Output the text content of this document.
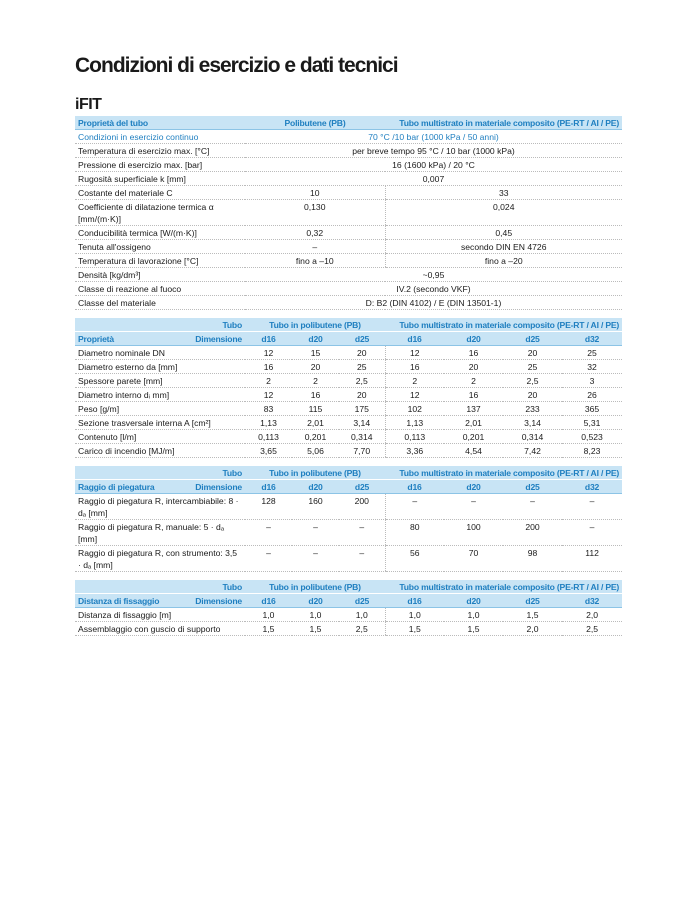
Condizioni di esercizio e dati tecnici
iFIT
Proprietà del tubo	Polibutene (PB)	Tubo multistrato in materiale composito (PE-RT / AI / PE)
Condizioni in esercizio continuo	70 °C /10 bar (1000 kPa / 50 anni)	
Temperatura di esercizio max. [°C]	per breve tempo 95 °C / 10 bar (1000 kPa)	
Pressione di esercizio max. [bar]	16 (1600 kPa) / 20 °C	
Rugosità superficiale k [mm]	0,007	
Costante del materiale C	10	33
Coefficiente di dilatazione termica α [mm/(m·K)]	0,130	0,024
Conducibilità termica [W/(m·K)]	0,32	0,45
Tenuta all'ossigeno	–	secondo DIN EN 4726
Temperatura di lavorazione [°C]	fino a –10	fino a –20
Densità [kg/dm³]	~0,95	
Classe di reazione al fuoco	IV.2 (secondo VKF)	
Classe del materiale	D: B2 (DIN 4102) / E (DIN 13501-1)	
Tubo	Tubo in polibutene (PB)			Tubo multistrato in materiale composito (PE-RT / AI / PE)			

Proprietà Dimensione	d16	d20	d25	d16	d20	d25	d32
Diametro nominale DN	12	15	20	12	16	20	25
Diametro esterno da [mm]	16	20	25	16	20	25	32
Spessore parete [mm]	2	2	2,5	2	2	2,5	3
Diametro interno dᵢ mm]	12	16	20	12	16	20	26
Peso [g/m]	83	115	175	102	137	233	365
Sezione trasversale interna A [cm²]	1,13	2,01	3,14	1,13	2,01	3,14	5,31
Contenuto [l/m]	0,113	0,201	0,314	0,113	0,201	0,314	0,523
Carico di incendio [MJ/m]	3,65	5,06	7,70	3,36	4,54	7,42	8,23
Tubo	Tubo in polibutene (PB)			Tubo multistrato in materiale composito (PE-RT / AI / PE)			

Raggio di piegatura Dimensione	d16	d20	d25	d16	d20	d25	d32
Raggio di piegatura R, intercambiabile: 8 · dₐ [mm]	128	160	200	–	–	–	–
Raggio di piegatura R, manuale: 5 · dₐ [mm]	–	–	–	80	100	200	–
Raggio di piegatura R, con strumento: 3,5 · dₐ [mm]	–	–	–	56	70	98	112
Tubo	Tubo in polibutene (PB)			Tubo multistrato in materiale composito (PE-RT / AI / PE)			

Distanza di fissaggio Dimensione	d16	d20	d25	d16	d20	d25	d32
Distanza di fissaggio [m]	1,0	1,0	1,0	1,0	1,0	1,5	2,0
Assemblaggio con guscio di supporto	1,5	1,5	2,5	1,5	1,5	2,0	2,5
